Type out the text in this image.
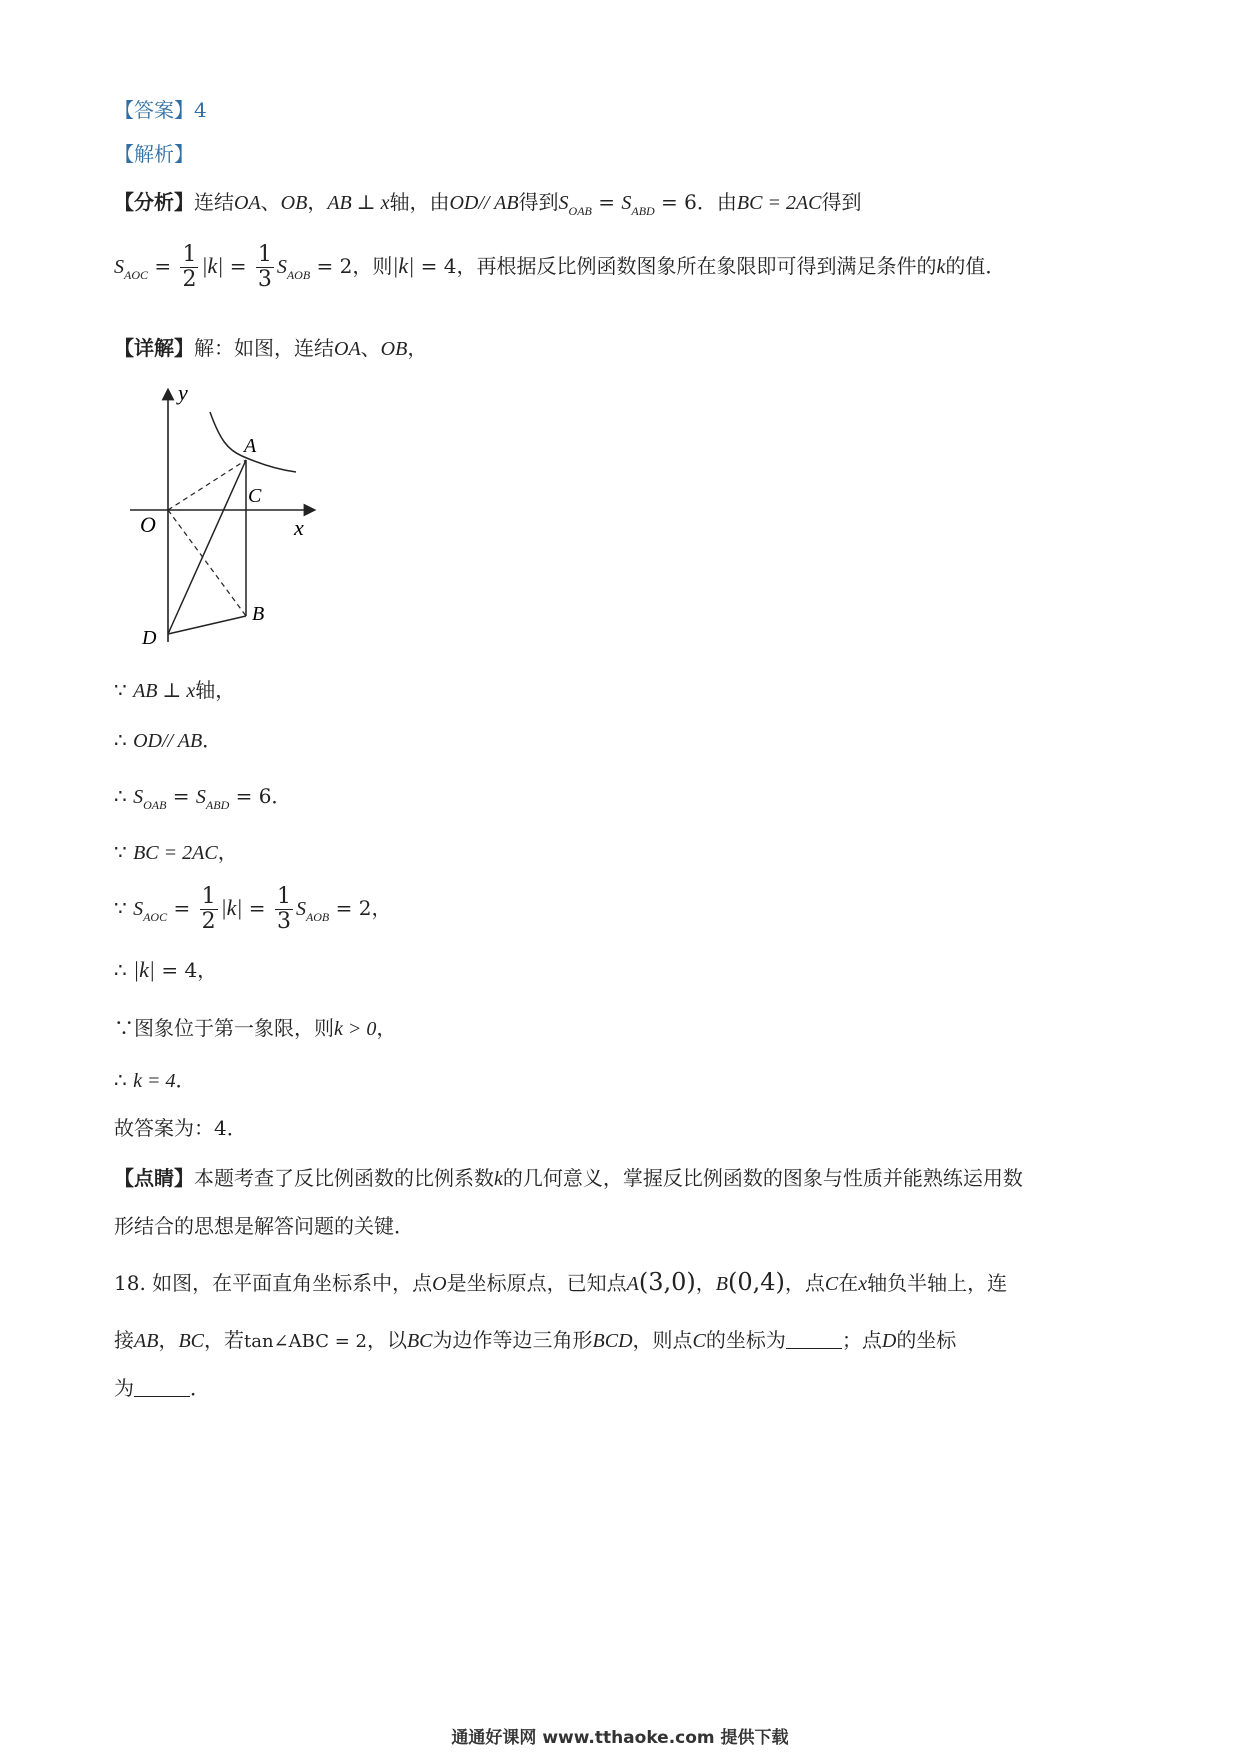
【答案】4
【解析】
【分析】连结OA、OB，AB ⊥ x轴，由OD// AB得到$S_{OAB} = S_{ABD} = 6$．由BC = 2AC得到
$S_{AOC} = \frac{1}{2} |k| = \frac{1}{3} S_{AOB} = 2$，则|k| = 4，再根据反比例函数图象所在象限即可得到满足条件的k的值．
【详解】解：如图，连结OA、OB，
y
x
O
A
C
B
D
∵ AB ⊥ x轴，
∴ OD// AB．
∴ $S_{OAB} = S_{ABD} = 6$．
∵ BC = 2AC，
∵ $S_{AOC} = \frac{1}{2} |k| = \frac{1}{3} S_{AOB} = 2$，
∴ |k| = 4，
∵图象位于第一象限，则k > 0，
∴ k = 4．
故答案为：4．
【点睛】本题考查了反比例函数的比例系数k的几何意义，掌握反比例函数的图象与性质并能熟练运用数
形结合的思想是解答问题的关键．
18. 如图，在平面直角坐标系中，点O是坐标原点，已知点A(3,0)，B(0,4)，点C在x轴负半轴上，连
接AB，BC，若tan∠ABC = 2，以BC为边作等边三角形BCD，则点C的坐标为	；点D的坐标
为	．
通通好课网 www.tthaoke.com 提供下载
